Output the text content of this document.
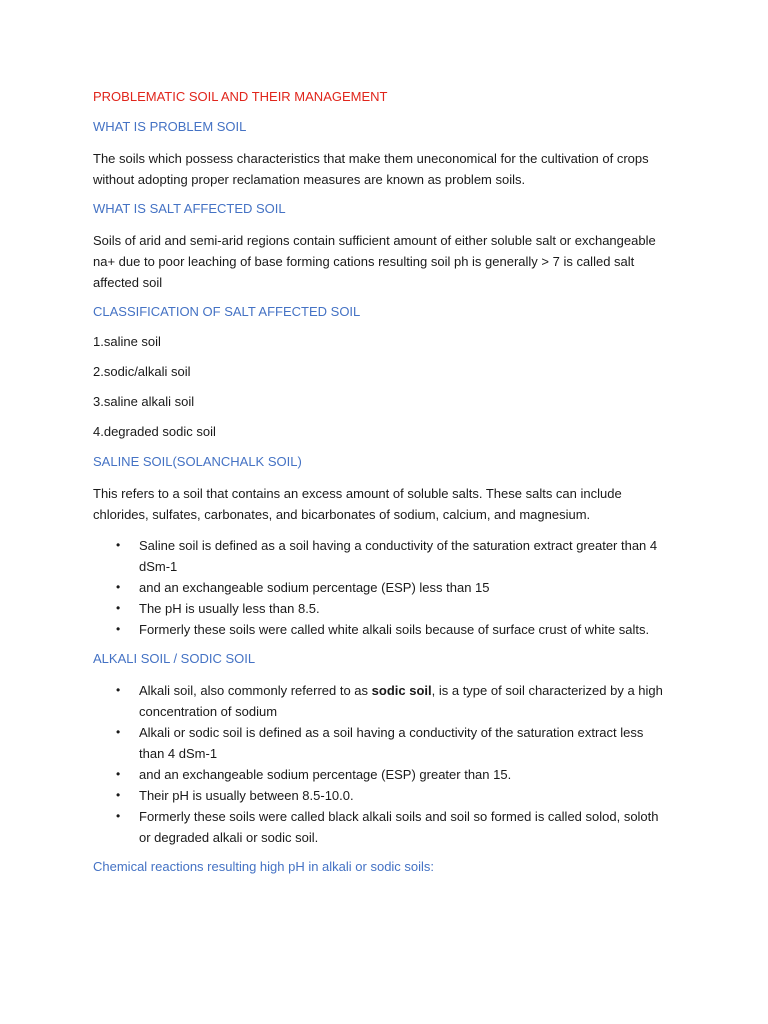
PROBLEMATIC SOIL AND THEIR MANAGEMENT
WHAT IS PROBLEM SOIL

The soils which possess characteristics that make them uneconomical for the cultivation of crops without adopting proper reclamation measures are known as problem soils.

WHAT IS SALT AFFECTED SOIL

Soils of arid and semi-arid regions contain sufficient amount of either soluble salt or exchangeable na+ due to poor leaching of base forming cations resulting soil ph is generally > 7 is called salt affected soil

CLASSIFICATION OF SALT AFFECTED SOIL
1.saline soil
2.sodic/alkali soil
3.saline alkali soil
4.degraded sodic soil
SALINE SOIL(SOLANCHALK SOIL)

This refers to a soil that contains an excess amount of soluble salts. These salts can include chlorides, sulfates, carbonates, and bicarbonates of sodium, calcium, and magnesium.

• Saline soil is defined as a soil having a conductivity of the saturation extract greater than 4 dSm-1
• and an exchangeable sodium percentage (ESP) less than 15
• The pH is usually less than 8.5.
• Formerly these soils were called white alkali soils because of surface crust of white salts.
ALKALI SOIL / SODIC SOIL
• Alkali soil, also commonly referred to as sodic soil, is a type of soil characterized by a high concentration of sodium
• Alkali or sodic soil is defined as a soil having a conductivity of the saturation extract less than 4 dSm-1
• and an exchangeable sodium percentage (ESP) greater than 15.
• Their pH is usually between 8.5-10.0.
• Formerly these soils were called black alkali soils and soil so formed is called solod, soloth or degraded alkali or sodic soil.
Chemical reactions resulting high pH in alkali or sodic soils:
